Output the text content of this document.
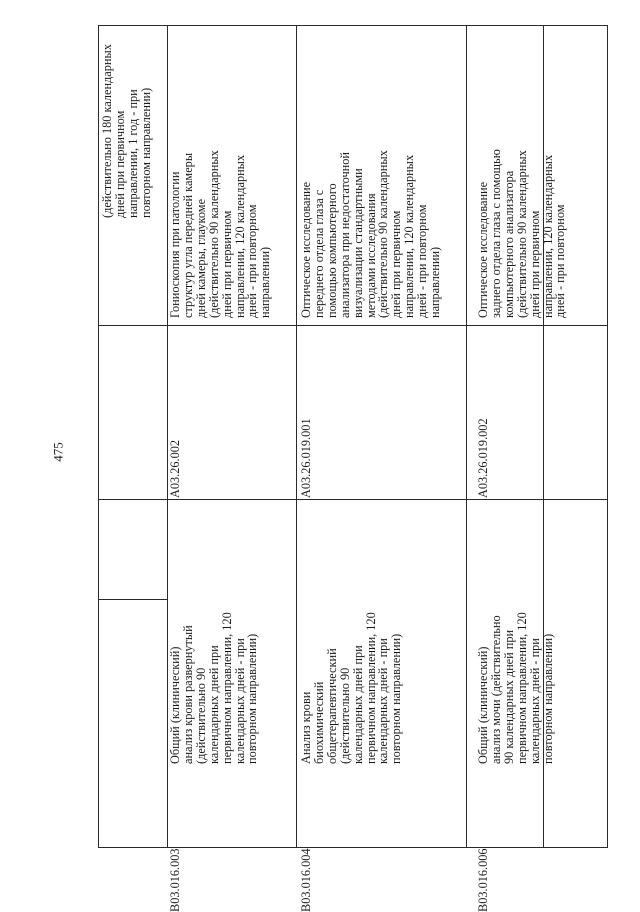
475
(действительно 180 календарных
дней при первичном
направлении, 1 год - при
повторном направлении)
Гониоскопия при патологии
структур угла передней камеры
дней камеры, глаукоме
(действительно 90 календарных
дней при первичном
направлении, 120 календарных
дней - при повторном
направлении)
А03.26.002
Общий (клинический)
анализ крови развернутый
(действительно 90
календарных дней при
первичном направлении, 120
календарных дней - при
повторном направлении)
В03.016.003
Оптическое исследование
переднего отдела глаза с
помощью компьютерного
анализатора при недостаточной
визуализации стандартными
методами исследования
(действительно 90 календарных
дней при первичном
направлении, 120 календарных
дней - при повторном
направлении)
А03.26.019.001
Анализ крови
биохимический
общетерапевтический
(действительно 90
календарных дней при
первичном направлении, 120
календарных дней - при
повторном направлении)
В03.016.004
Оптическое исследование
заднего отдела глаза с помощью
компьютерного анализатора
(действительно 90 календарных
дней при первичном
направлении, 120 календарных
дней - при повторном
А03.26.019.002
Общий (клинический)
анализ мочи (действительно
90 календарных дней при
первичном направлении, 120
календарных дней - при
повторном направлении)
В03.016.006
